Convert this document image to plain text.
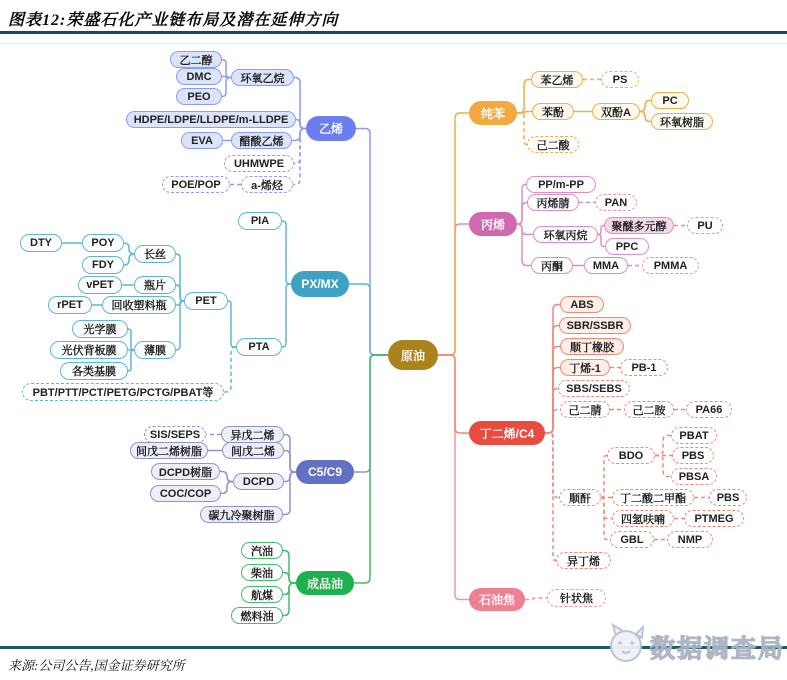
图表12:荣盛石化产业链布局及潜在延伸方向
原油
乙烯
乙二醇
DMC
PEO
环氧乙烷
HDPE/LDPE/LLDPE/m-LLDPE
EVA	醋酸乙烯
UHMWPE
POE/POP	a-烯烃
PX/MX
PIA
DTY	POY
FDY
长丝
vPET	瓶片
rPET	回收塑料瓶	PET
光学膜
光伏背板膜	薄膜
各类基膜
PBT/PTT/PCT/PETG/PCTG/PBAT等
PTA
C5/C9
SIS/SEPS	异戊二烯
间戊二烯树脂	间戊二烯
DCPD树脂
COC/COP
DCPD
碳九冷聚树脂
成品油
汽油
柴油
航煤
燃料油
纯苯
苯乙烯	PS
苯酚	双酚A
PC
环氧树脂
己二酸
丙烯
PP/m-PP
丙烯腈	PAN
环氧丙烷
聚醚多元醇	PU
PPC
丙酮	MMA	PMMA
丁二烯/C4
ABS
SBR/SSBR
顺丁橡胶
丁烯-1	PB-1
SBS/SEBS
己二腈	己二胺	PA66
顺酐
BDO
PBAT
PBS
PBSA
丁二酸二甲酯	PBS
四氢呋喃	PTMEG
GBL	NMP
异丁烯
石油焦	针状焦
来源:公司公告,国金证券研究所
数据调查局
